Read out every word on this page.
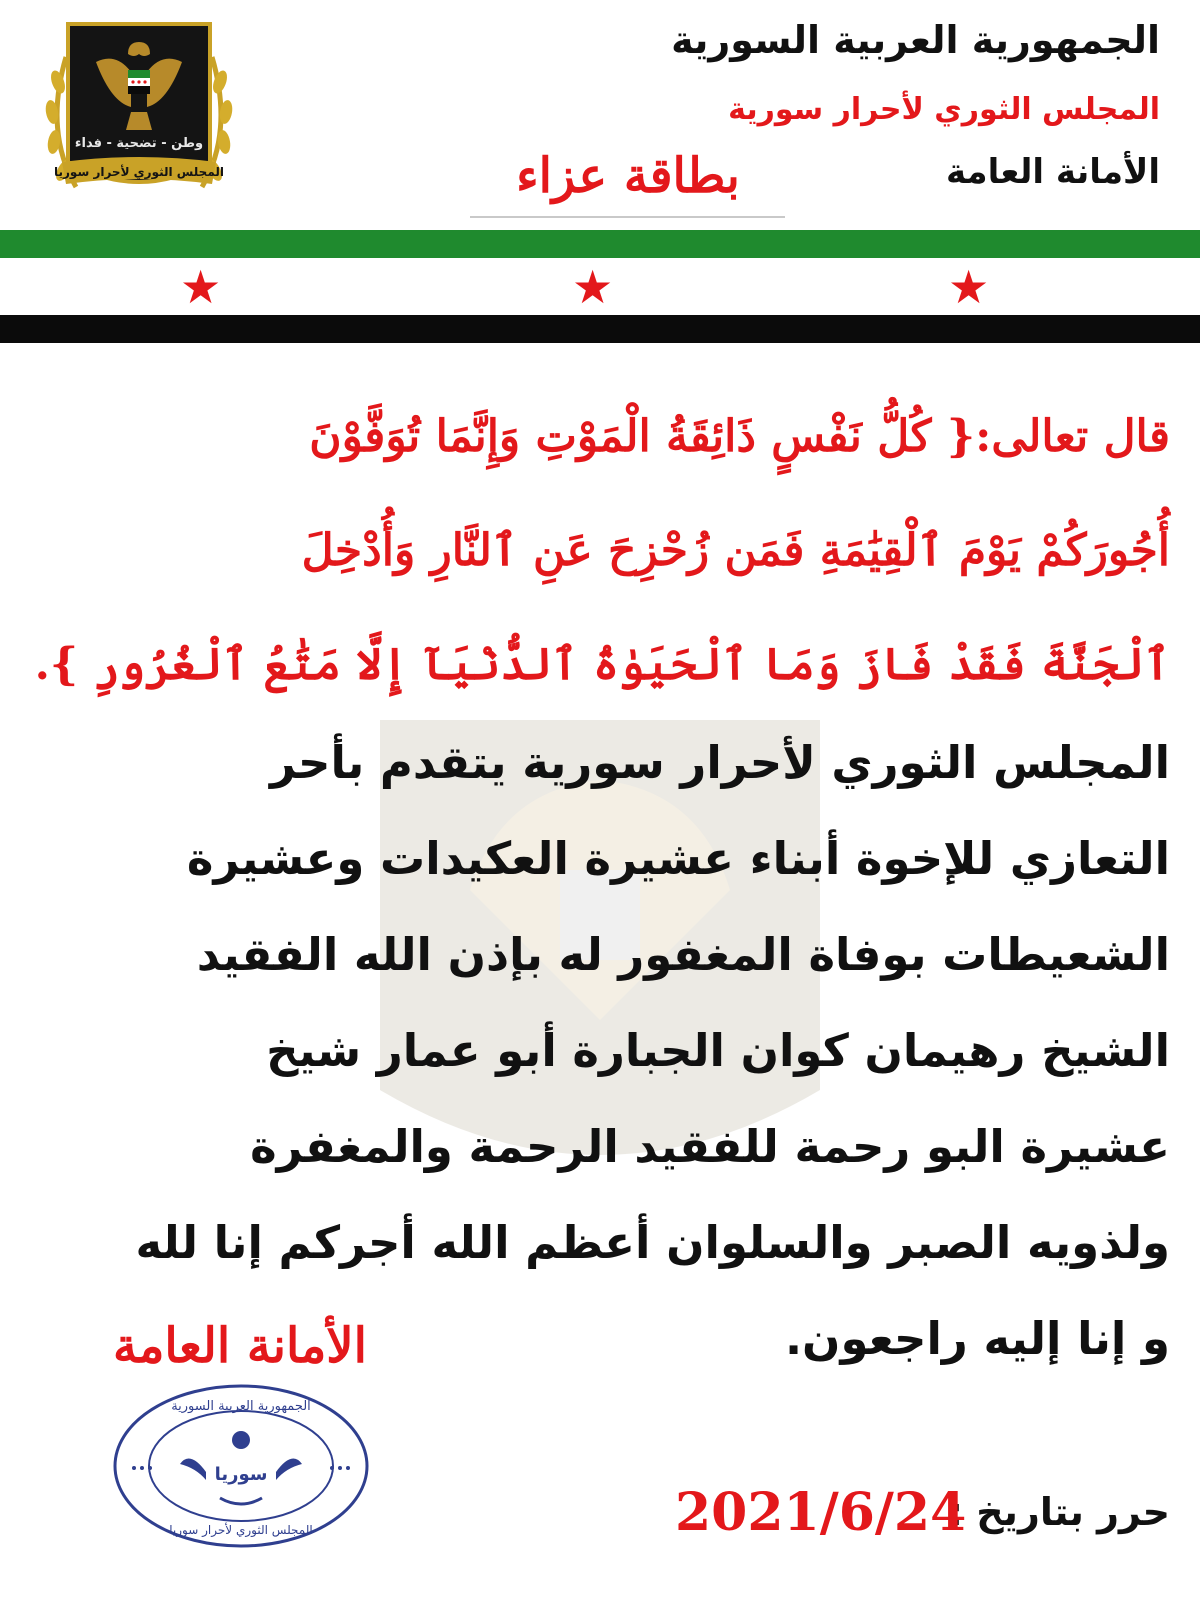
وطن - تضحية - فداء
المجلس الثوري لأحرار سوريا
الجمهورية العربية السورية
المجلس الثوري لأحرار سورية
الأمانة العامة
بطاقة عزاء
★	★	★
قال تعالى:{ كُلُّ نَفْسٍ ذَائِقَةُ الْمَوْتِ وَإِنَّمَا تُوَفَّوْنَ
أُجُورَكُمْ يَوْمَ ٱلْقِيَٰمَةِ فَمَن زُحْزِحَ عَنِ ٱلنَّارِ وَأُدْخِلَ
ٱلْجَنَّةَ فَقَدْ فَازَ وَمَا ٱلْحَيَوٰةُ ٱلدُّنْيَآ إِلَّا مَتَٰعُ ٱلْغُرُورِ }.
المجلس الثوري لأحرار سورية يتقدم بأحر
التعازي للإخوة أبناء عشيرة العكيدات وعشيرة
الشعيطات بوفاة المغفور له بإذن الله الفقيد
الشيخ رهيمان كوان الجبارة أبو عمار شيخ
عشيرة البو رحمة للفقيد الرحمة والمغفرة
ولذويه الصبر والسلوان أعظم الله أجركم إنا لله
و إنا إليه راجعون.
الأمانة العامة
الجمهورية العربية السورية
المجلس الثوري لأحرار سوريا
سوريا
حرر بتاريخ :
2021/6/24
